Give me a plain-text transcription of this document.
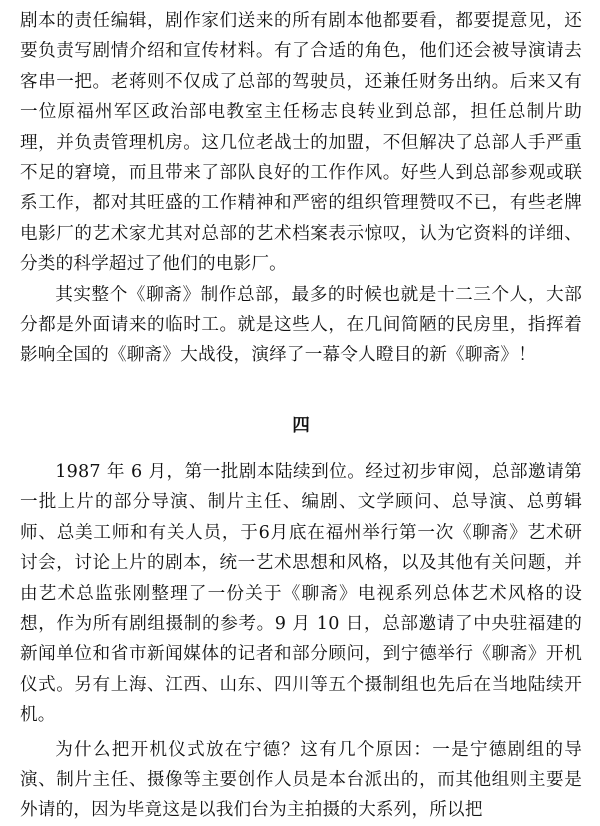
剧本的责任编辑，剧作家们送来的所有剧本他都要看，都要提意见，还要负责写剧情介绍和宣传材料。有了合适的角色，他们还会被导演请去客串一把。老蒋则不仅成了总部的驾驶员，还兼任财务出纳。后来又有一位原福州军区政治部电教室主任杨志良转业到总部，担任总制片助理，并负责管理机房。这几位老战士的加盟，不但解决了总部人手严重不足的窘境，而且带来了部队良好的工作作风。好些人到总部参观或联系工作，都对其旺盛的工作精神和严密的组织管理赞叹不已，有些老牌电影厂的艺术家尤其对总部的艺术档案表示惊叹，认为它资料的详细、分类的科学超过了他们的电影厂。

其实整个《聊斋》制作总部，最多的时候也就是十二三个人，大部分都是外面请来的临时工。就是这些人，在几间简陋的民房里，指挥着影响全国的《聊斋》大战役，演绎了一幕令人瞪目的新《聊斋》！

四

1987 年 6 月，第一批剧本陆续到位。经过初步审阅，总部邀请第一批上片的部分导演、制片主任、编剧、文学顾问、总导演、总剪辑师、总美工师和有关人员，于6月底在福州举行第一次《聊斋》艺术研讨会，讨论上片的剧本，统一艺术思想和风格，以及其他有关问题，并由艺术总监张刚整理了一份关于《聊斋》电视系列总体艺术风格的设想，作为所有剧组摄制的参考。9 月 10 日，总部邀请了中央驻福建的新闻单位和省市新闻媒体的记者和部分顾问，到宁德举行《聊斋》开机仪式。另有上海、江西、山东、四川等五个摄制组也先后在当地陆续开机。

为什么把开机仪式放在宁德？这有几个原因：一是宁德剧组的导演、制片主任、摄像等主要创作人员是本台派出的，而其他组则主要是外请的，因为毕竟这是以我们台为主拍摄的大系列，所以把
